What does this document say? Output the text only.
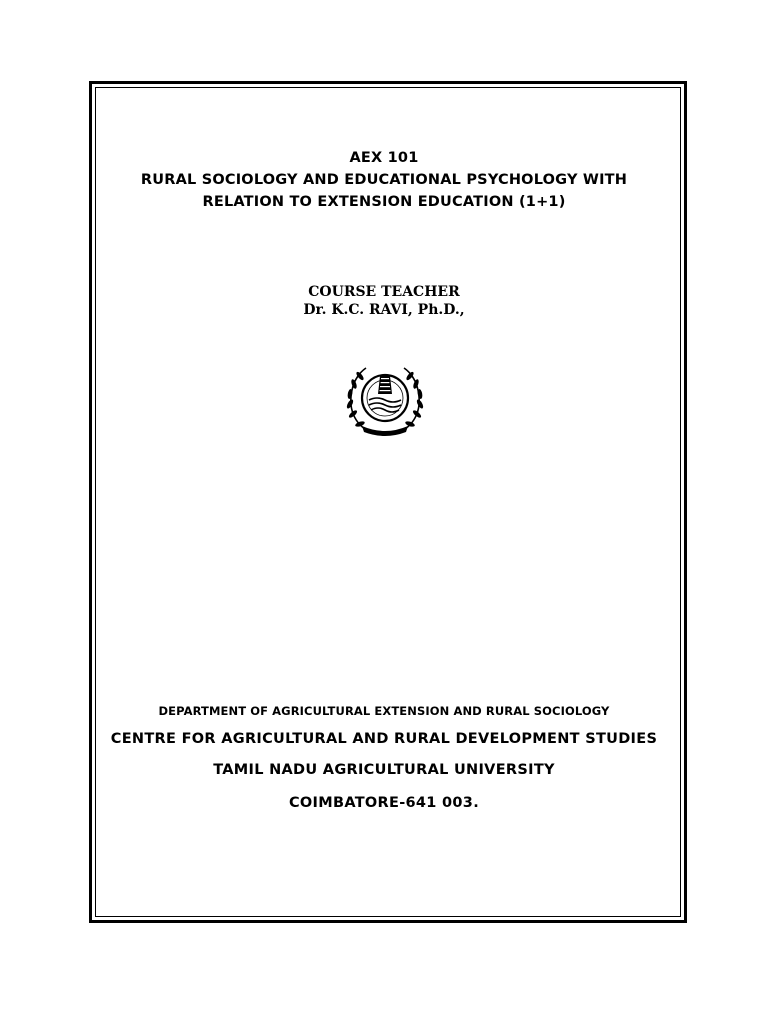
AEX 101
RURAL SOCIOLOGY AND EDUCATIONAL PSYCHOLOGY WITH
RELATION TO EXTENSION EDUCATION (1+1)
COURSE TEACHER
Dr. K.C. RAVI, Ph.D.,
DEPARTMENT OF AGRICULTURAL EXTENSION AND RURAL SOCIOLOGY
CENTRE FOR AGRICULTURAL AND RURAL DEVELOPMENT STUDIES
TAMIL NADU AGRICULTURAL UNIVERSITY
COIMBATORE-641 003.
